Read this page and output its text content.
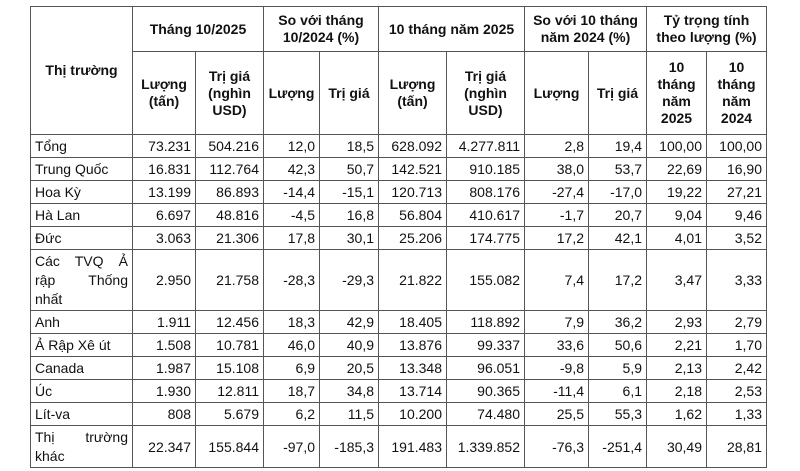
Thị trường	Tháng 10/2025		So với tháng 10/2024 (%)		10 tháng năm 2025		So với 10 tháng năm 2024 (%)		Tỷ trọng tính theo lượng (%)	
	Lượng (tấn)	Trị giá (nghìn USD)	Lượng	Trị giá	Lượng (tấn)	Trị giá (nghìn USD)	Lượng	Trị giá	10 tháng năm 2025	10 tháng năm 2024
Tổng	73.231	504.216	12,0	18,5	628.092	4.277.811	2,8	19,4	100,00	100,00
Trung Quốc	16.831	112.764	42,3	50,7	142.521	910.185	38,0	53,7	22,69	16,90
Hoa Kỳ	13.199	86.893	-14,4	-15,1	120.713	808.176	-27,4	-17,0	19,22	27,21
Hà Lan	6.697	48.816	-4,5	16,8	56.804	410.617	-1,7	20,7	9,04	9,46
Đức	3.063	21.306	17,8	30,1	25.206	174.775	17,2	42,1	4,01	3,52
Các TVQ Ả rập Thống nhất	2.950	21.758	-28,3	-29,3	21.822	155.082	7,4	17,2	3,47	3,33
Anh	1.911	12.456	18,3	42,9	18.405	118.892	7,9	36,2	2,93	2,79
Ả Rập Xê út	1.508	10.781	46,0	40,9	13.876	99.337	33,6	50,6	2,21	1,70
Canada	1.987	15.108	6,9	20,5	13.348	96.051	-9,8	5,9	2,13	2,42
Úc	1.930	12.811	18,7	34,8	13.714	90.365	-11,4	6,1	2,18	2,53
Lít-va	808	5.679	6,2	11,5	10.200	74.480	25,5	55,3	1,62	1,33
Thị trường khác	22.347	155.844	-97,0	-185,3	191.483	1.339.852	-76,3	-251,4	30,49	28,81
